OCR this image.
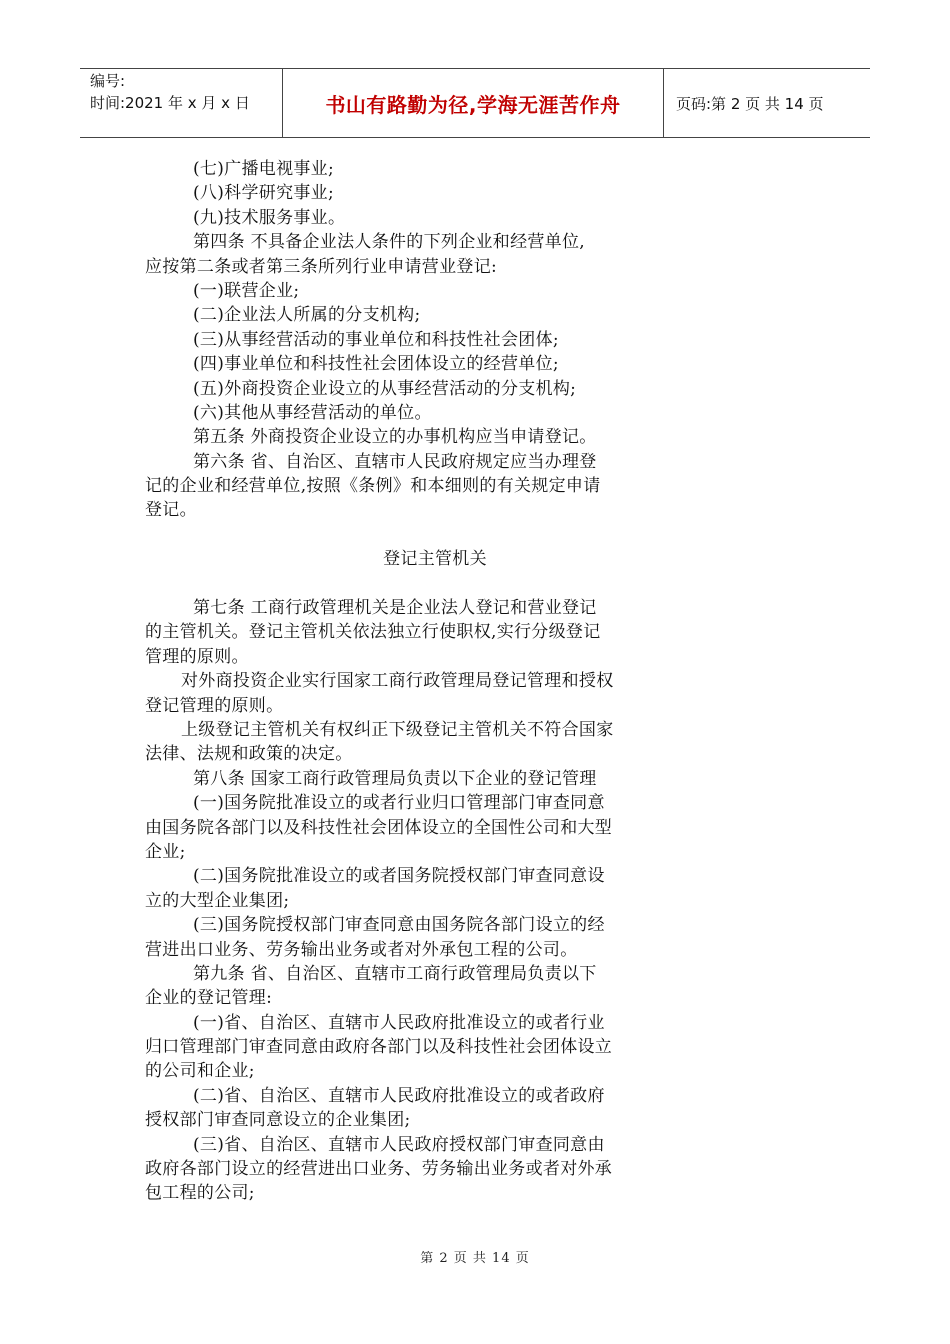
编号:
时间:2021 年 x 月 x 日	书山有路勤为径,学海无涯苦作舟	页码:第 2 页 共 14 页
(七)广播电视事业;
(八)科学研究事业;
(九)技术服务事业。
第四条 不具备企业法人条件的下列企业和经营单位,
应按第二条或者第三条所列行业申请营业登记:
(一)联营企业;
(二)企业法人所属的分支机构;
(三)从事经营活动的事业单位和科技性社会团体;
(四)事业单位和科技性社会团体设立的经营单位;
(五)外商投资企业设立的从事经营活动的分支机构;
(六)其他从事经营活动的单位。
第五条 外商投资企业设立的办事机构应当申请登记。
第六条 省、自治区、直辖市人民政府规定应当办理登
记的企业和经营单位,按照《条例》和本细则的有关规定申请
登记。
登记主管机关
第七条 工商行政管理机关是企业法人登记和营业登记
的主管机关。登记主管机关依法独立行使职权,实行分级登记
管理的原则。
对外商投资企业实行国家工商行政管理局登记管理和授权
登记管理的原则。
上级登记主管机关有权纠正下级登记主管机关不符合国家
法律、法规和政策的决定。
第八条 国家工商行政管理局负责以下企业的登记管理
(一)国务院批准设立的或者行业归口管理部门审查同意
由国务院各部门以及科技性社会团体设立的全国性公司和大型
企业;
(二)国务院批准设立的或者国务院授权部门审查同意设
立的大型企业集团;
(三)国务院授权部门审查同意由国务院各部门设立的经
营进出口业务、劳务输出业务或者对外承包工程的公司。
第九条 省、自治区、直辖市工商行政管理局负责以下
企业的登记管理:
(一)省、自治区、直辖市人民政府批准设立的或者行业
归口管理部门审查同意由政府各部门以及科技性社会团体设立
的公司和企业;
(二)省、自治区、直辖市人民政府批准设立的或者政府
授权部门审查同意设立的企业集团;
(三)省、自治区、直辖市人民政府授权部门审查同意由
政府各部门设立的经营进出口业务、劳务输出业务或者对外承
包工程的公司;
第 2 页 共 14 页
